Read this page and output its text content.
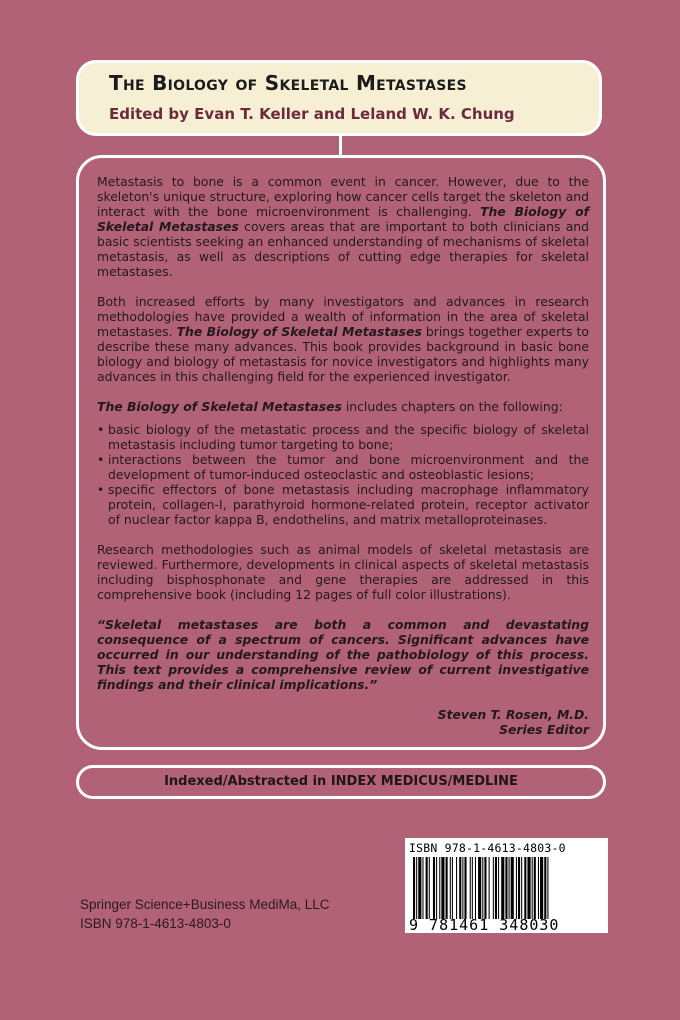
The Biology of Skeletal Metastases
Edited by Evan T. Keller and Leland W. K. Chung

Metastasis to bone is a common event in cancer. However, due to the skeleton's unique structure, exploring how cancer cells target the skeleton and interact with the bone microenvironment is challenging. The Biology of Skeletal Metastases covers areas that are important to both clinicians and basic scientists seeking an enhanced understanding of mechanisms of skeletal metastasis, as well as descriptions of cutting edge therapies for skeletal metastases.

Both increased efforts by many investigators and advances in research methodologies have provided a wealth of information in the area of skeletal metastases. The Biology of Skeletal Metastases brings together experts to describe these many advances. This book provides background in basic bone biology and biology of metastasis for novice investigators and highlights many advances in this challenging field for the experienced investigator.

The Biology of Skeletal Metastases includes chapters on the following:

• basic biology of the metastatic process and the specific biology of skeletal metastasis including tumor targeting to bone;
• interactions between the tumor and bone microenvironment and the development of tumor-induced osteoclastic and osteoblastic lesions;
• specific effectors of bone metastasis including macrophage inflammatory protein, collagen-I, parathyroid hormone-related protein, receptor activator of nuclear factor kappa B, endothelins, and matrix metalloproteinases.

Research methodologies such as animal models of skeletal metastasis are reviewed. Furthermore, developments in clinical aspects of skeletal metastasis including bisphosphonate and gene therapies are addressed in this comprehensive book (including 12 pages of full color illustrations).

“Skeletal metastases are both a common and devastating consequence of a spectrum of cancers. Significant advances have occurred in our understanding of the pathobiology of this process. This text provides a comprehensive review of current investigative findings and their clinical implications.”

Steven T. Rosen, M.D.
Series Editor
Indexed/Abstracted in INDEX MEDICUS/MEDLINE
Springer Science+Business MediMa, LLC
ISBN 978-1-4613-4803-0
ISBN 978-1-4613-4803-0
9 781461 348030
